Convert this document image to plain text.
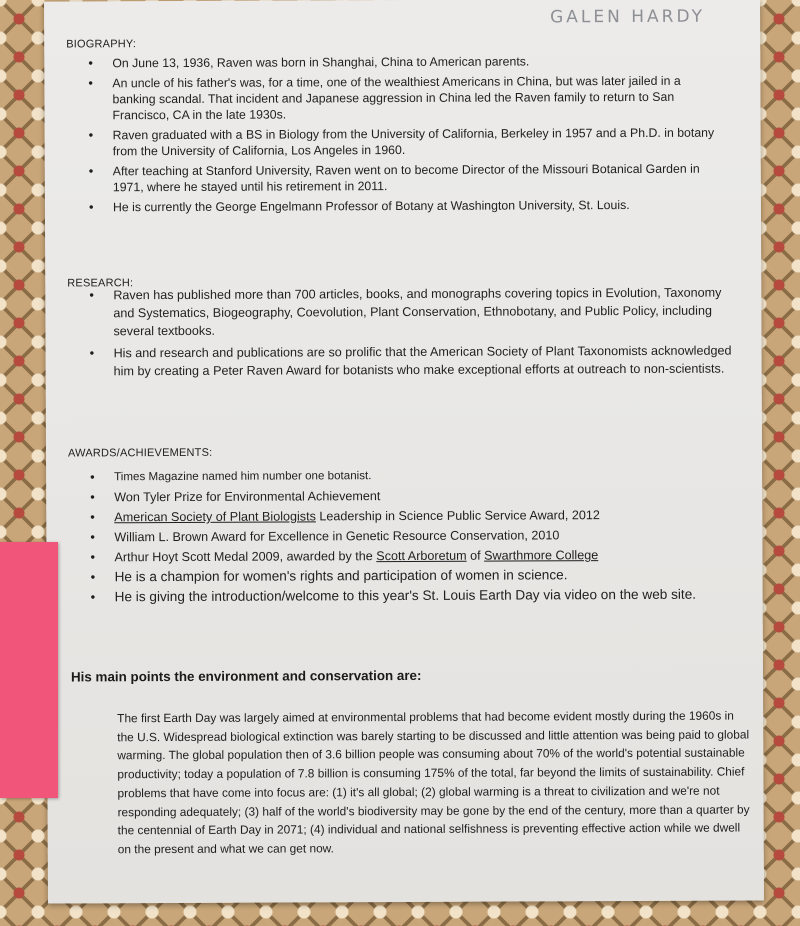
GALEN HARDY
BIOGRAPHY:
• On June 13, 1936, Raven was born in Shanghai, China to American parents.
• An uncle of his father's was, for a time, one of the wealthiest Americans in China, but was later jailed in a banking scandal. That incident and Japanese aggression in China led the Raven family to return to San Francisco, CA in the late 1930s.
• Raven graduated with a BS in Biology from the University of California, Berkeley in 1957 and a Ph.D. in botany from the University of California, Los Angeles in 1960.
• After teaching at Stanford University, Raven went on to become Director of the Missouri Botanical Garden in 1971, where he stayed until his retirement in 2011.
• He is currently the George Engelmann Professor of Botany at Washington University, St. Louis.
RESEARCH:
• Raven has published more than 700 articles, books, and monographs covering topics in Evolution, Taxonomy and Systematics, Biogeography, Coevolution, Plant Conservation, Ethnobotany, and Public Policy, including several textbooks.
• His and research and publications are so prolific that the American Society of Plant Taxonomists acknowledged him by creating a Peter Raven Award for botanists who make exceptional efforts at outreach to non-scientists.
AWARDS/ACHIEVEMENTS:
• Times Magazine named him number one botanist.
• Won Tyler Prize for Environmental Achievement
• American Society of Plant Biologists Leadership in Science Public Service Award, 2012
• William L. Brown Award for Excellence in Genetic Resource Conservation, 2010
• Arthur Hoyt Scott Medal 2009, awarded by the Scott Arboretum of Swarthmore College
• He is a champion for women's rights and participation of women in science.
• He is giving the introduction/welcome to this year's St. Louis Earth Day via video on the web site.
His main points the environment and conservation are:
The first Earth Day was largely aimed at environmental problems that had become evident mostly during the 1960s in the U.S. Widespread biological extinction was barely starting to be discussed and little attention was being paid to global warming. The global population then of 3.6 billion people was consuming about 70% of the world's potential sustainable productivity; today a population of 7.8 billion is consuming 175% of the total, far beyond the limits of sustainability. Chief problems that have come into focus are: (1) it's all global; (2) global warming is a threat to civilization and we're not responding adequately; (3) half of the world's biodiversity may be gone by the end of the century, more than a quarter by the centennial of Earth Day in 2071; (4) individual and national selfishness is preventing effective action while we dwell on the present and what we can get now.
